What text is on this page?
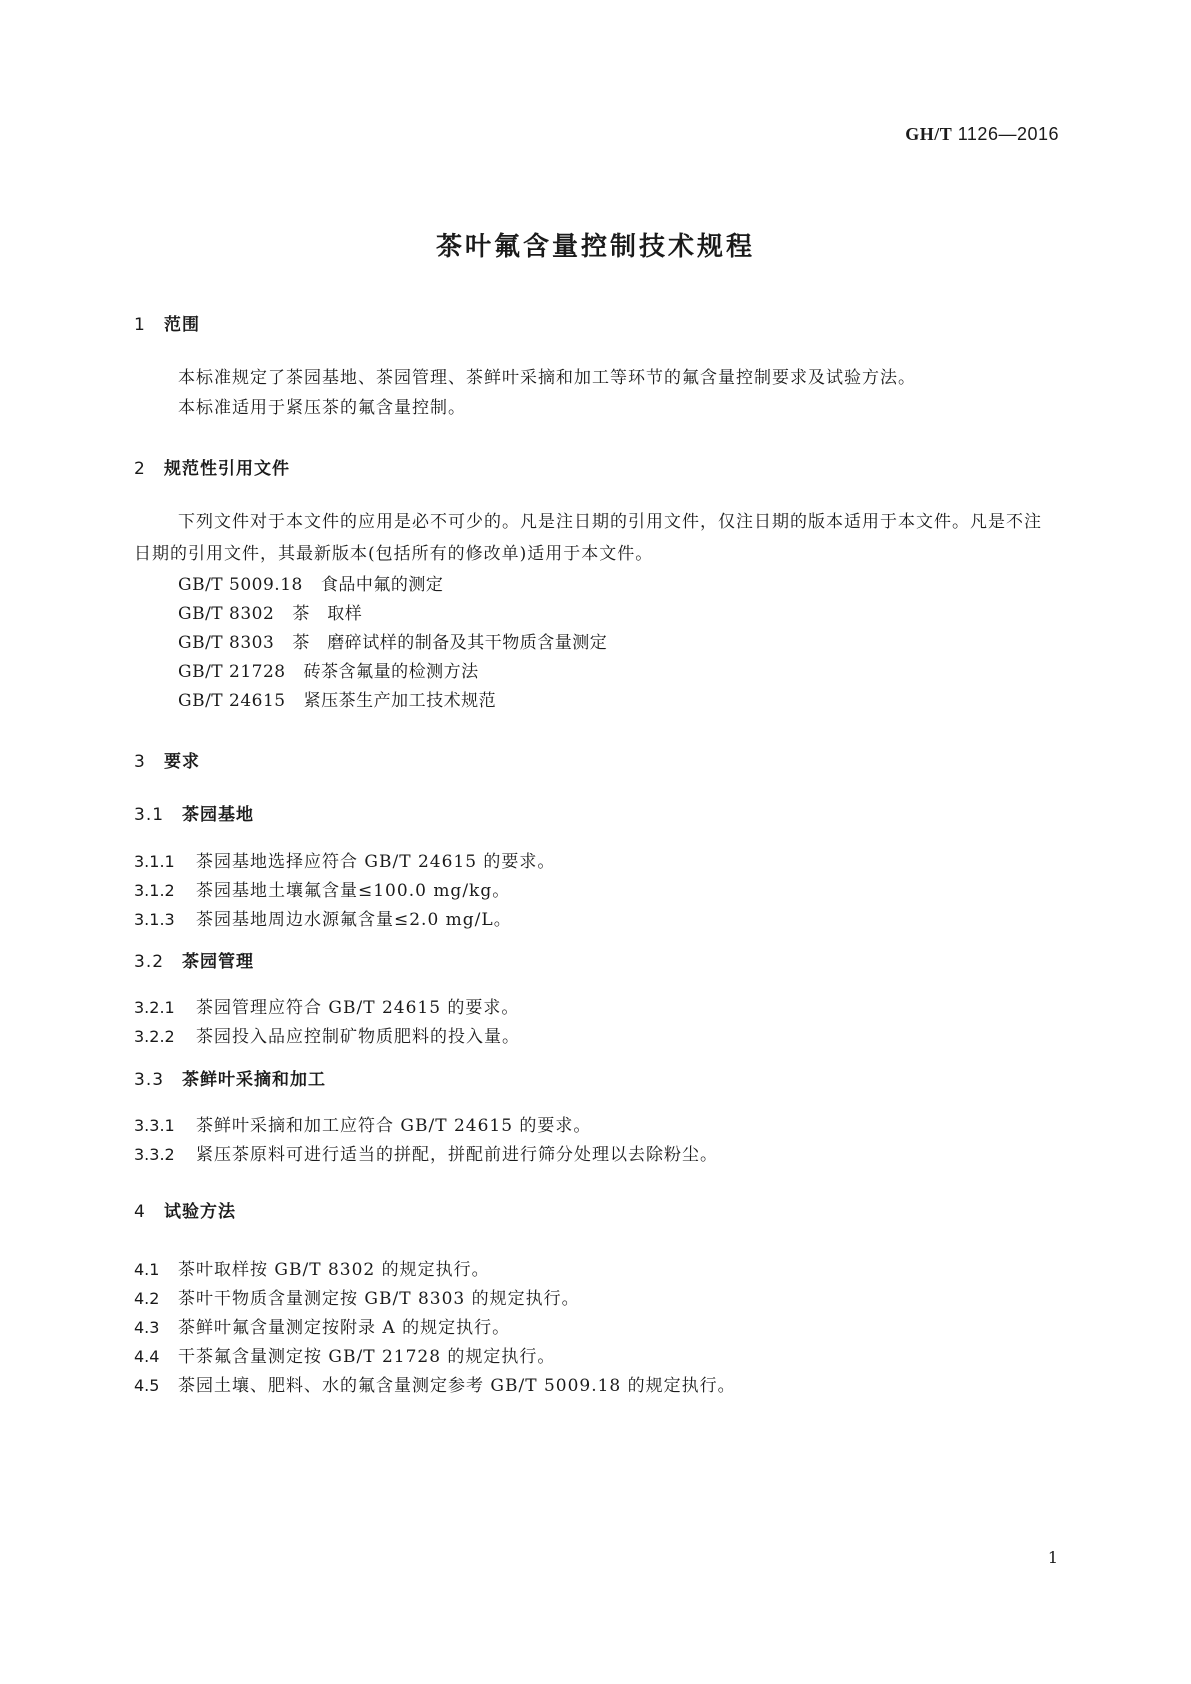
GH/T 1126—2016
茶叶氟含量控制技术规程
1 范围
本标准规定了茶园基地、茶园管理、茶鲜叶采摘和加工等环节的氟含量控制要求及试验方法。
本标准适用于紧压茶的氟含量控制。
2 规范性引用文件
下列文件对于本文件的应用是必不可少的。凡是注日期的引用文件，仅注日期的版本适用于本文件。凡是不注日期的引用文件，其最新版本(包括所有的修改单)适用于本文件。
GB/T 5009.18 食品中氟的测定
GB/T 8302 茶　取样
GB/T 8303 茶　磨碎试样的制备及其干物质含量测定
GB/T 21728 砖茶含氟量的检测方法
GB/T 24615 紧压茶生产加工技术规范
3 要求
3.1 茶园基地
3.1.1 茶园基地选择应符合 GB/T 24615 的要求。
3.1.2 茶园基地土壤氟含量≤100.0 mg/kg。
3.1.3 茶园基地周边水源氟含量≤2.0 mg/L。
3.2 茶园管理
3.2.1 茶园管理应符合 GB/T 24615 的要求。
3.2.2 茶园投入品应控制矿物质肥料的投入量。
3.3 茶鲜叶采摘和加工
3.3.1 茶鲜叶采摘和加工应符合 GB/T 24615 的要求。
3.3.2 紧压茶原料可进行适当的拼配，拼配前进行筛分处理以去除粉尘。
4 试验方法
4.1 茶叶取样按 GB/T 8302 的规定执行。
4.2 茶叶干物质含量测定按 GB/T 8303 的规定执行。
4.3 茶鲜叶氟含量测定按附录 A 的规定执行。
4.4 干茶氟含量测定按 GB/T 21728 的规定执行。
4.5 茶园土壤、肥料、水的氟含量测定参考 GB/T 5009.18 的规定执行。
1
